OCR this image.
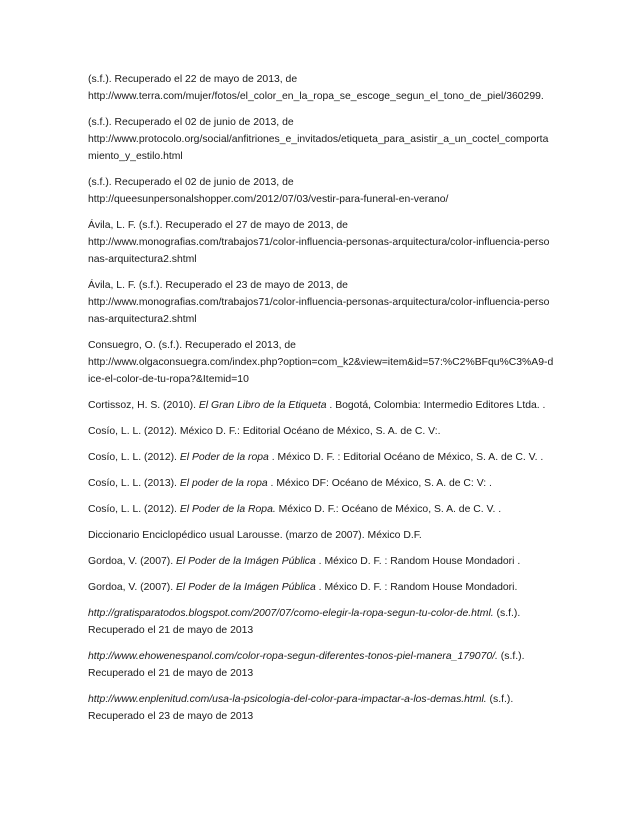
(s.f.). Recuperado el 22 de mayo de 2013, de
http://www.terra.com/mujer/fotos/el_color_en_la_ropa_se_escoge_segun_el_tono_de_piel/360299.

(s.f.). Recuperado el 02 de junio de 2013, de
http://www.protocolo.org/social/anfitriones_e_invitados/etiqueta_para_asistir_a_un_coctel_comportamiento_y_estilo.html

(s.f.). Recuperado el 02 de junio de 2013, de
http://queesunpersonalshopper.com/2012/07/03/vestir-para-funeral-en-verano/

Ávila, L. F. (s.f.). Recuperado el 27 de mayo de 2013, de
http://www.monografias.com/trabajos71/color-influencia-personas-arquitectura/color-influencia-personas-arquitectura2.shtml

Ávila, L. F. (s.f.). Recuperado el 23 de mayo de 2013, de
http://www.monografias.com/trabajos71/color-influencia-personas-arquitectura/color-influencia-personas-arquitectura2.shtml

Consuegro, O. (s.f.). Recuperado el 2013, de
http://www.olgaconsuegra.com/index.php?option=com_k2&view=item&id=57:%C2%BFqu%C3%A9-dice-el-color-de-tu-ropa?&Itemid=10

Cortissoz, H. S. (2010). El Gran Libro de la Etiqueta . Bogotá, Colombia: Intermedio Editores Ltda. .

Cosío, L. L. (2012). México D. F.: Editorial Océano de México, S. A. de C. V:.

Cosío, L. L. (2012). El Poder de la ropa . México D. F. : Editorial Océano de México, S. A. de C. V. .

Cosío, L. L. (2013). El poder de la ropa . México DF: Océano de México, S. A. de C: V: .

Cosío, L. L. (2012). El Poder de la Ropa. México D. F.: Océano de México, S. A. de C. V. .

Diccionario Enciclopédico usual Larousse. (marzo de 2007). México D.F.

Gordoa, V. (2007). El Poder de la Imágen Pública . México D. F. : Random House Mondadori .

Gordoa, V. (2007). El Poder de la Imágen Pública . México D. F. : Random House Mondadori.

http://gratisparatodos.blogspot.com/2007/07/como-elegir-la-ropa-segun-tu-color-de.html. (s.f.). Recuperado el 21 de mayo de 2013

http://www.ehowenespanol.com/color-ropa-segun-diferentes-tonos-piel-manera_179070/. (s.f.). Recuperado el 21 de mayo de 2013

http://www.enplenitud.com/usa-la-psicologia-del-color-para-impactar-a-los-demas.html. (s.f.). Recuperado el 23 de mayo de 2013
